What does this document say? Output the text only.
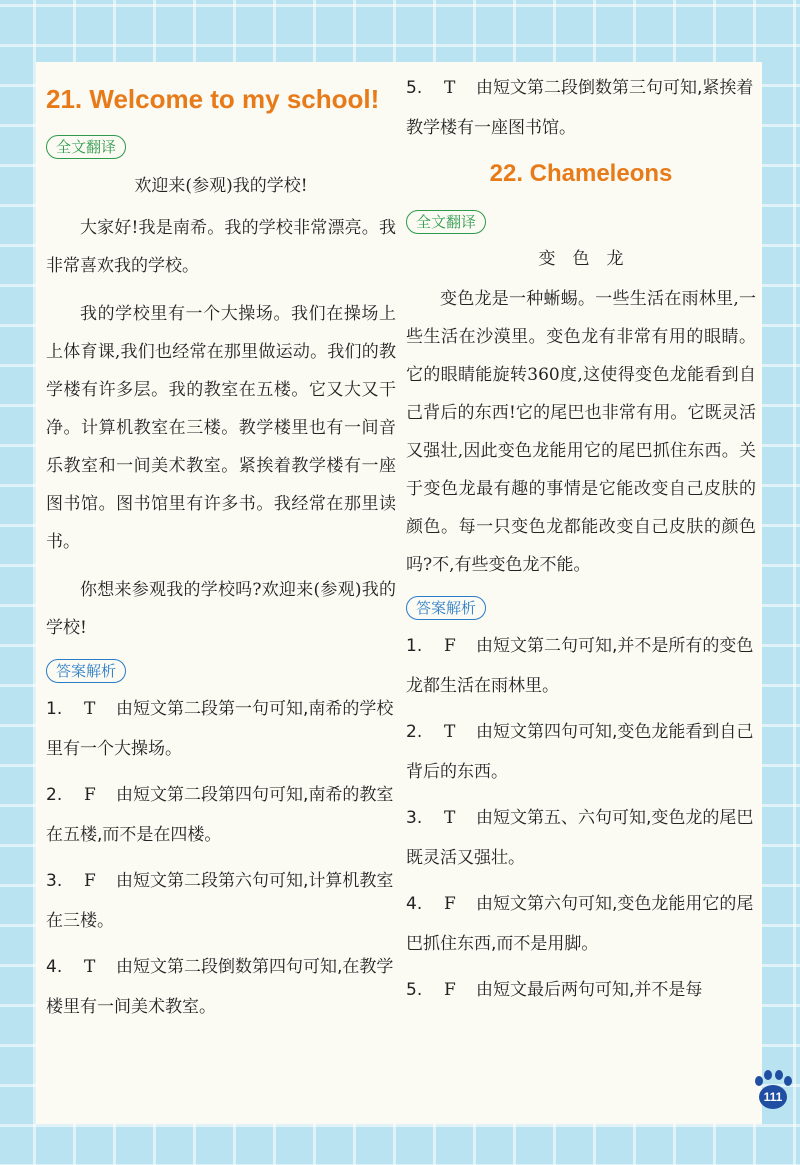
21. Welcome to my school!
全文翻译

欢迎来(参观)我的学校!

大家好!我是南希。我的学校非常漂亮。我非常喜欢我的学校。

我的学校里有一个大操场。我们在操场上上体育课,我们也经常在那里做运动。我们的教学楼有许多层。我的教室在五楼。它又大又干净。计算机教室在三楼。教学楼里也有一间音乐教室和一间美术教室。紧挨着教学楼有一座图书馆。图书馆里有许多书。我经常在那里读书。

你想来参观我的学校吗?欢迎来(参观)我的学校!

答案解析

1. T 由短文第二段第一句可知,南希的学校里有一个大操场。

2. F 由短文第二段第四句可知,南希的教室在五楼,而不是在四楼。

3. F 由短文第二段第六句可知,计算机教室在三楼。

4. T 由短文第二段倒数第四句可知,在教学楼里有一间美术教室。

5. T 由短文第二段倒数第三句可知,紧挨着教学楼有一座图书馆。

22. Chameleons
全文翻译

变　色　龙

变色龙是一种蜥蜴。一些生活在雨林里,一些生活在沙漠里。变色龙有非常有用的眼睛。它的眼睛能旋转360度,这使得变色龙能看到自己背后的东西!它的尾巴也非常有用。它既灵活又强壮,因此变色龙能用它的尾巴抓住东西。关于变色龙最有趣的事情是它能改变自己皮肤的颜色。每一只变色龙都能改变自己皮肤的颜色吗?不,有些变色龙不能。

答案解析

1. F 由短文第二句可知,并不是所有的变色龙都生活在雨林里。

2. T 由短文第四句可知,变色龙能看到自己背后的东西。

3. T 由短文第五、六句可知,变色龙的尾巴既灵活又强壮。

4. F 由短文第六句可知,变色龙能用它的尾巴抓住东西,而不是用脚。

5. F 由短文最后两句可知,并不是每

111
